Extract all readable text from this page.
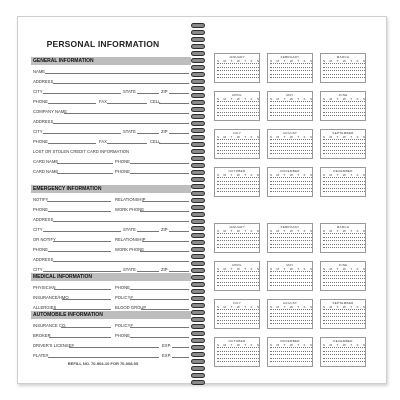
PERSONAL INFORMATION
GENERAL INFORMATION
NAME
ADDRESS
CITY	STATE	ZIP
PHONE	FAX	CELL
COMPANY NAME
ADDRESS
CITY	STATE	ZIP
PHONE	FAX	CELL
LOST OR STOLEN CREDIT CARD INFORMATION
CARD NAME	PHONE
CARD NAME	PHONE
EMERGENCY INFORMATION
NOTIFY	RELATIONSHIP
PHONE	WORK PHONE
ADDRESS
CITY	STATE	ZIP
OR NOTIFY	RELATIONSHIP
PHONE	WORK PHONE
ADDRESS
CITY	STATE	ZIP
MEDICAL INFORMATION
PHYSICIAN	PHONE
INSURANCE/HMO	POLICY#
ALLERGIES	BLOOD GROUP
AUTOMOBILE INFORMATION
INSURANCE CO.	POLICY#
BROKER	PHONE
DRIVER'S LICENSE#	EXP.
PLATE#	EXP.
REFILL NO. 70-904-10 FOR 70-008-05
JANUARY
S M T W T F S
FEBRUARY
S M T W T F S
MARCH
S M T W T F S
APRIL
S M T W T F S
MAY
S M T W T F S
JUNE
S M T W T F S
JULY
S M T W T F S
AUGUST
S M T W T F S
SEPTEMBER
S M T W T F S
OCTOBER
S M T W T F S
NOVEMBER
S M T W T F S
DECEMBER
S M T W T F S
JANUARY
S M T W T F S
FEBRUARY
S M T W T F S
MARCH
S M T W T F S
APRIL
S M T W T F S
MAY
S M T W T F S
JUNE
S M T W T F S
JULY
S M T W T F S
AUGUST
S M T W T F S
SEPTEMBER
S M T W T F S
OCTOBER
S M T W T F S
NOVEMBER
S M T W T F S
DECEMBER
S M T W T F S
